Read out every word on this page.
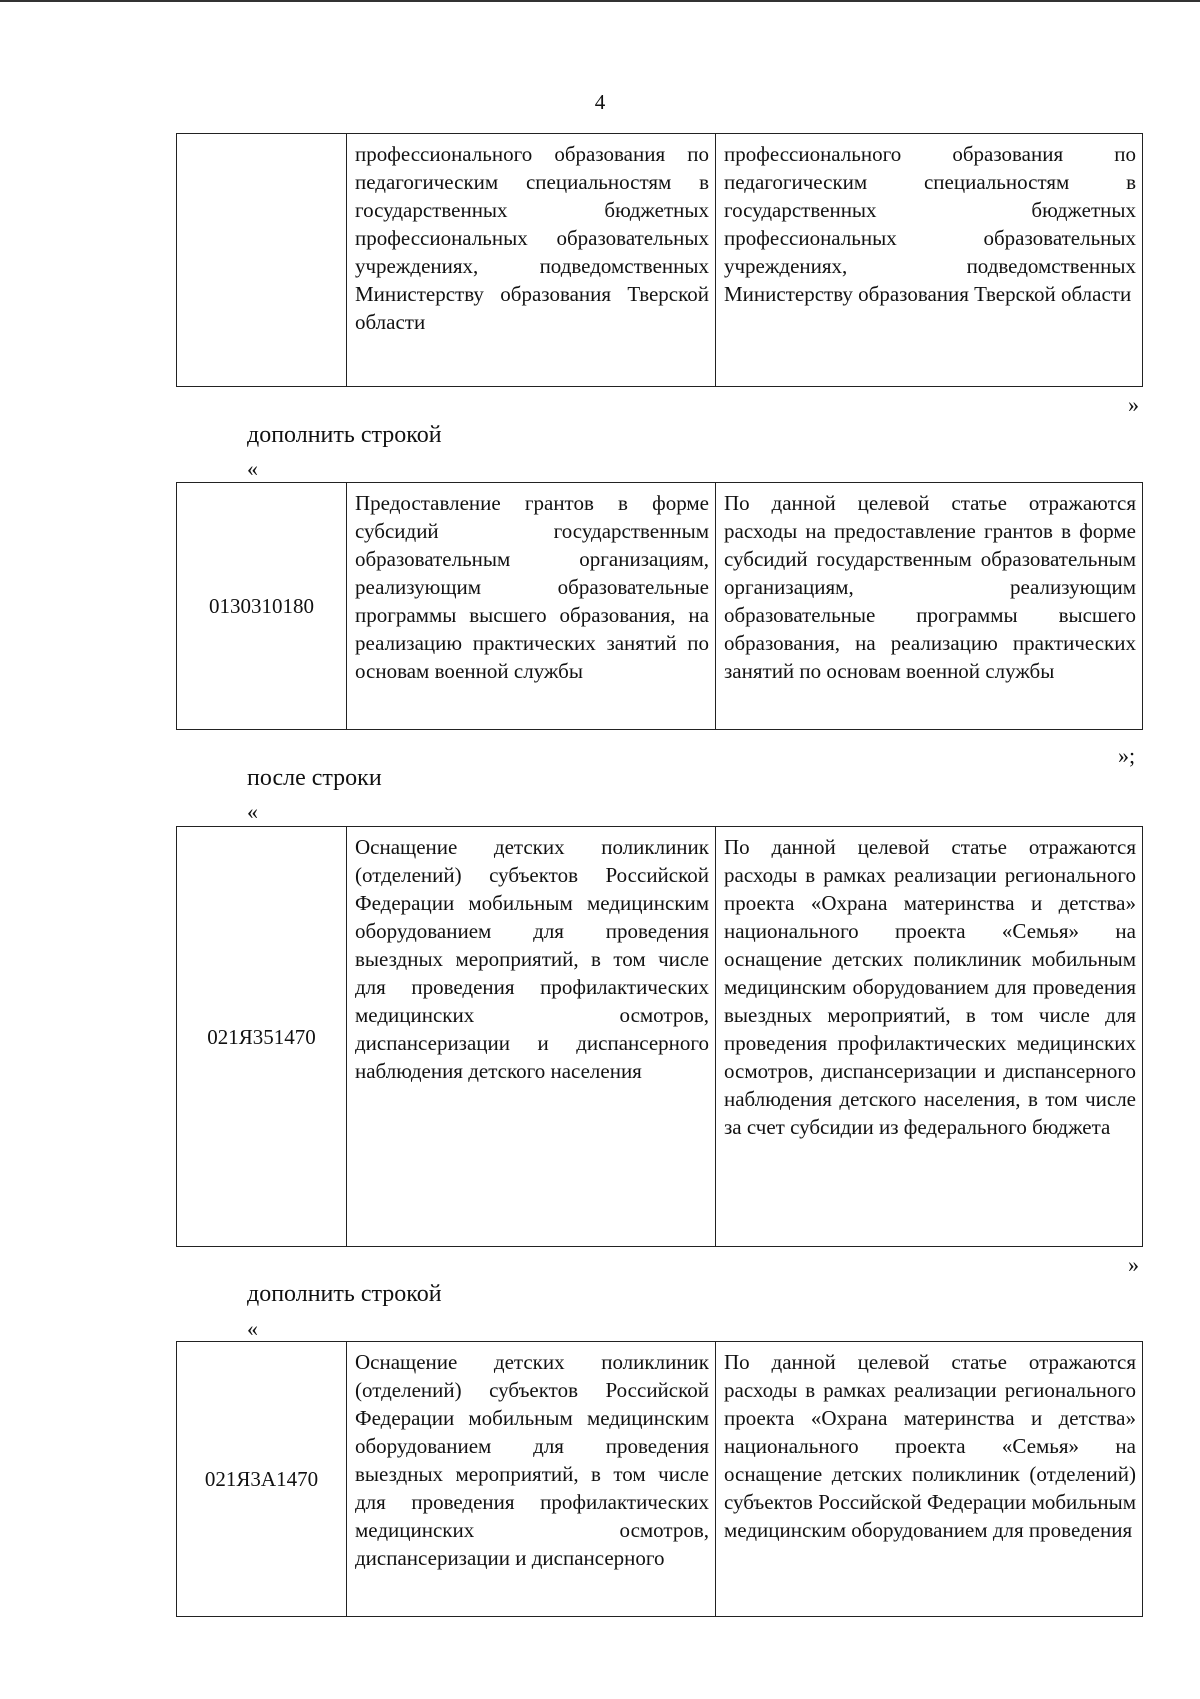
4
	профессионального образования по педагогическим специальностям в государственных бюджетных профессиональных образовательных учреждениях, подведомственных Министерству образования Тверской области	профессионального образования по педагогическим специальностям в государственных бюджетных профессиональных образовательных учреждениях, подведомственных Министерству образования Тверской области
»
дополнить строкой
«
0130310180	Предоставление грантов в форме субсидий государственным образовательным организациям, реализующим образовательные программы высшего образования, на реализацию практических занятий по основам военной службы	По данной целевой статье отражаются расходы на предоставление грантов в форме субсидий государственным образовательным организациям, реализующим образовательные программы высшего образования, на реализацию практических занятий по основам военной службы
»;
после строки
«
021Я351470	Оснащение детских поликлиник (отделений) субъектов Российской Федерации мобильным медицинским оборудованием для проведения выездных мероприятий, в том числе для проведения профилактических медицинских осмотров, диспансеризации и диспансерного наблюдения детского населения	По данной целевой статье отражаются расходы в рамках реализации регионального проекта «Охрана материнства и детства» национального проекта «Семья» на оснащение детских поликлиник мобильным медицинским оборудованием для проведения выездных мероприятий, в том числе для проведения профилактических медицинских осмотров, диспансеризации и диспансерного наблюдения детского населения, в том числе за счет субсидии из федерального бюджета
»
дополнить строкой
«
021Я3А1470	Оснащение детских поликлиник (отделений) субъектов Российской Федерации мобильным медицинским оборудованием для проведения выездных мероприятий, в том числе для проведения профилактических медицинских осмотров, диспансеризации и диспансерного	По данной целевой статье отражаются расходы в рамках реализации регионального проекта «Охрана материнства и детства» национального проекта «Семья» на оснащение детских поликлиник (отделений) субъектов Российской Федерации мобильным медицинским оборудованием для проведения
